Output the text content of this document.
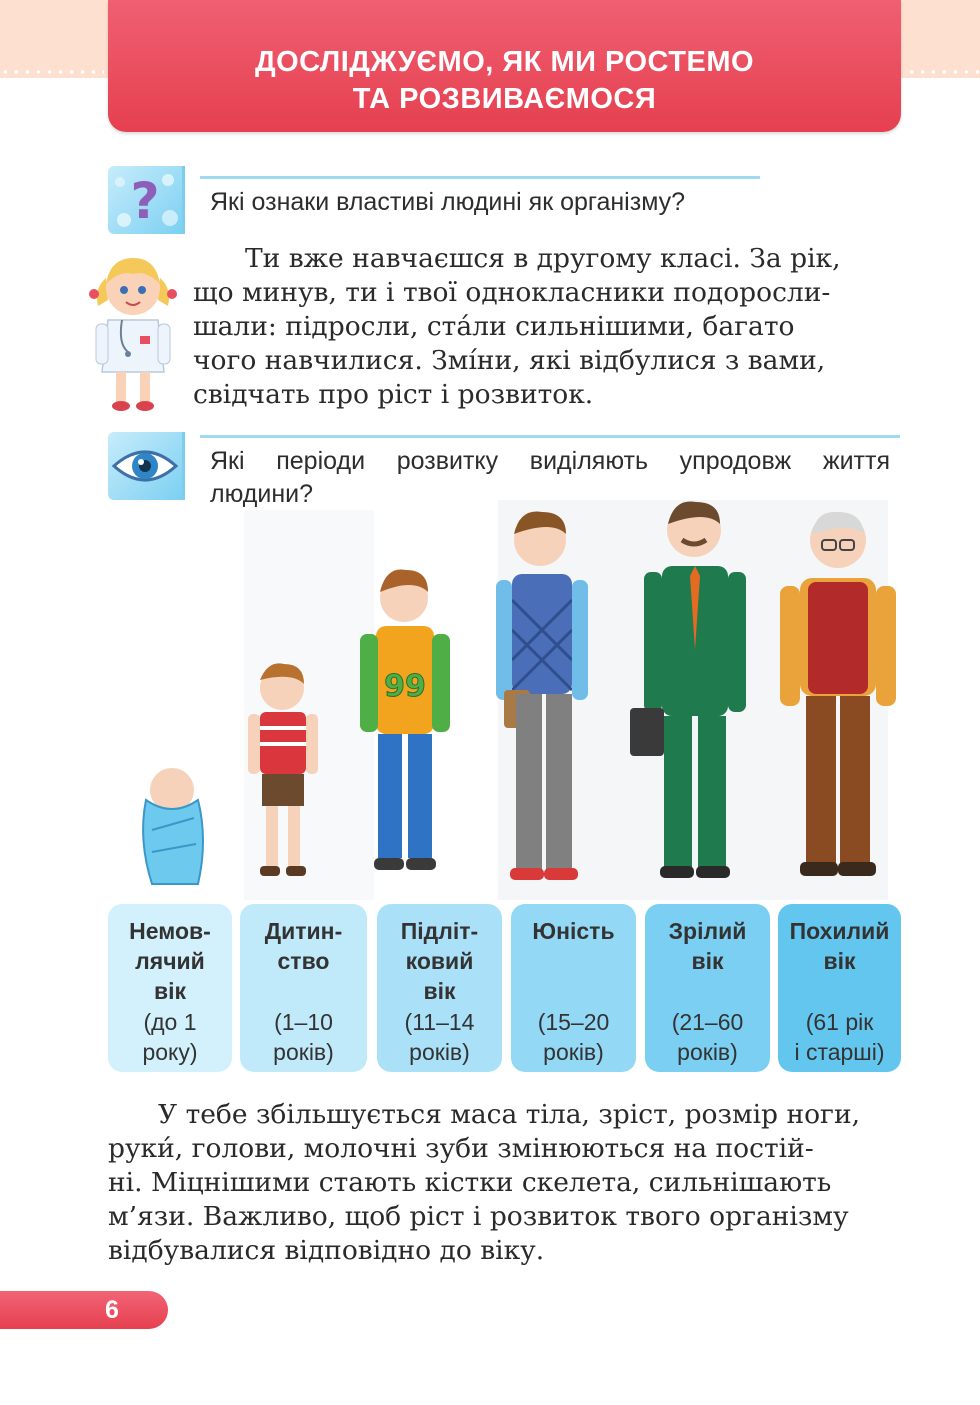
ДОСЛІДЖУЄМО, ЯК МИ РОСТЕМО
ТА РОЗВИВАЄМОСЯ
? Які ознаки властиві людині як організму?

Ти вже навчаєшся в другому класі. За рік,

що минув, ти і твої однокласники подоросли-

шали: підросли, ста́ли сильнішими, багато

чого навчилися. Змі́ни, які відбулися з вами,

свідчать про ріст і розвиток.

Які періоди розвитку виділяють упродовж життя
людини?
99
Немов-
лячий
вік
(до 1
року)
Дитин-
ство
(1–10
років)
Підліт-
ковий
вік
(11–14
років)
Юність
(15–20
років)
Зрілий
вік
(21–60
років)
Похилий
вік
(61 рік
і старші)

У тебе збільшується маса тіла, зріст, розмір ноги,

руки́, голови, молочні зуби змінюються на постій-

ні. Міцнішими стають кістки скелета, сильнішають

м’язи. Важливо, щоб ріст і розвиток твого організму

відбувалися відповідно до віку.

6
